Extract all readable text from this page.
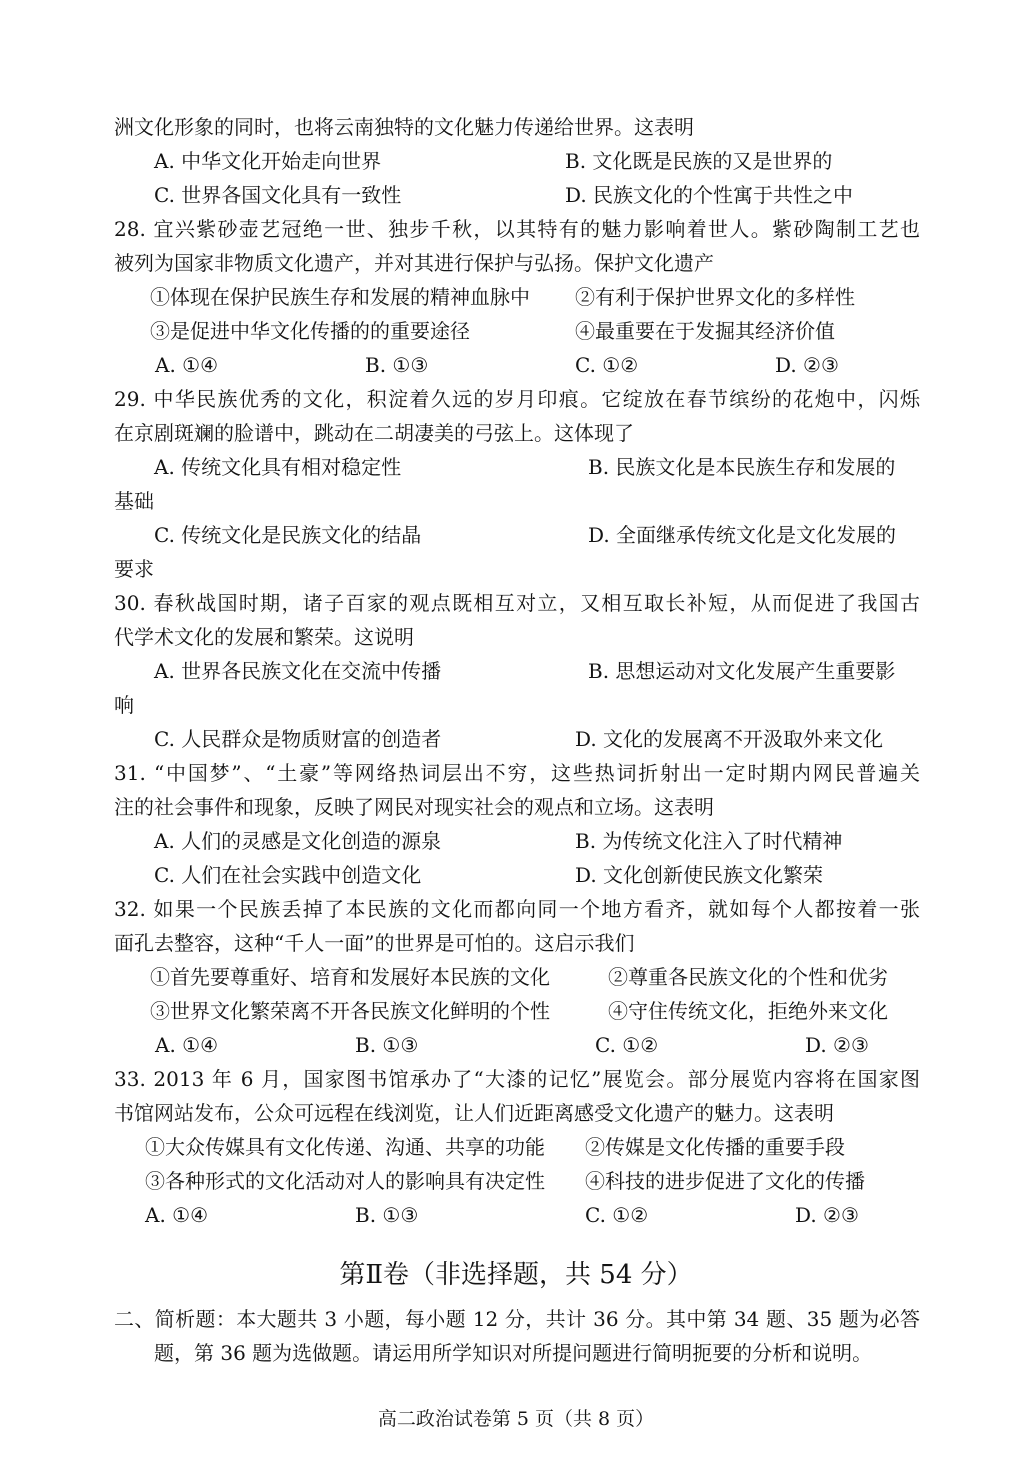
洲文化形象的同时，也将云南独特的文化魅力传递给世界。这表明
A. 中华文化开始走向世界	B. 文化既是民族的又是世界的
C. 世界各国文化具有一致性	D. 民族文化的个性寓于共性之中
28. 宜兴紫砂壶艺冠绝一世、独步千秋，以其特有的魅力影响着世人。紫砂陶制工艺也
被列为国家非物质文化遗产，并对其进行保护与弘扬。保护文化遗产
①体现在保护民族生存和发展的精神血脉中 ②有利于保护世界文化的多样性
③是促进中华文化传播的的重要途径	④最重要在于发掘其经济价值
A. ①④	B. ①③	C. ①②	D. ②③
29. 中华民族优秀的文化，积淀着久远的岁月印痕。它绽放在春节缤纷的花炮中，闪烁
在京剧斑斓的脸谱中，跳动在二胡凄美的弓弦上。这体现了
A. 传统文化具有相对稳定性	B. 民族文化是本民族生存和发展的
基础
C. 传统文化是民族文化的结晶	D. 全面继承传统文化是文化发展的
要求
30. 春秋战国时期，诸子百家的观点既相互对立，又相互取长补短，从而促进了我国古
代学术文化的发展和繁荣。这说明
A. 世界各民族文化在交流中传播	B. 思想运动对文化发展产生重要影
响
C. 人民群众是物质财富的创造者	D. 文化的发展离不开汲取外来文化
31. “中国梦”、“土豪”等网络热词层出不穷，这些热词折射出一定时期内网民普遍关
注的社会事件和现象，反映了网民对现实社会的观点和立场。这表明
A. 人们的灵感是文化创造的源泉	B. 为传统文化注入了时代精神
C. 人们在社会实践中创造文化	D. 文化创新使民族文化繁荣
32. 如果一个民族丢掉了本民族的文化而都向同一个地方看齐，就如每个人都按着一张
面孔去整容，这种“千人一面”的世界是可怕的。这启示我们
①首先要尊重好、培育和发展好本民族的文化	②尊重各民族文化的个性和优劣
③世界文化繁荣离不开各民族文化鲜明的个性	④守住传统文化，拒绝外来文化
A. ①④	B. ①③	C. ①②	D. ②③
33. 2013 年 6 月，国家图书馆承办了“大漆的记忆”展览会。部分展览内容将在国家图
书馆网站发布，公众可远程在线浏览，让人们近距离感受文化遗产的魅力。这表明
①大众传媒具有文化传递、沟通、共享的功能 ②传媒是文化传播的重要手段
③各种形式的文化活动对人的影响具有决定性 ④科技的进步促进了文化的传播
A. ①④	B. ①③	C. ①②	D. ②③
第Ⅱ卷（非选择题，共 54 分）
二、简析题：本大题共 3 小题，每小题 12 分，共计 36 分。其中第 34 题、35 题为必答
题，第 36 题为选做题。请运用所学知识对所提问题进行简明扼要的分析和说明。
高二政治试卷第 5 页（共 8 页）
